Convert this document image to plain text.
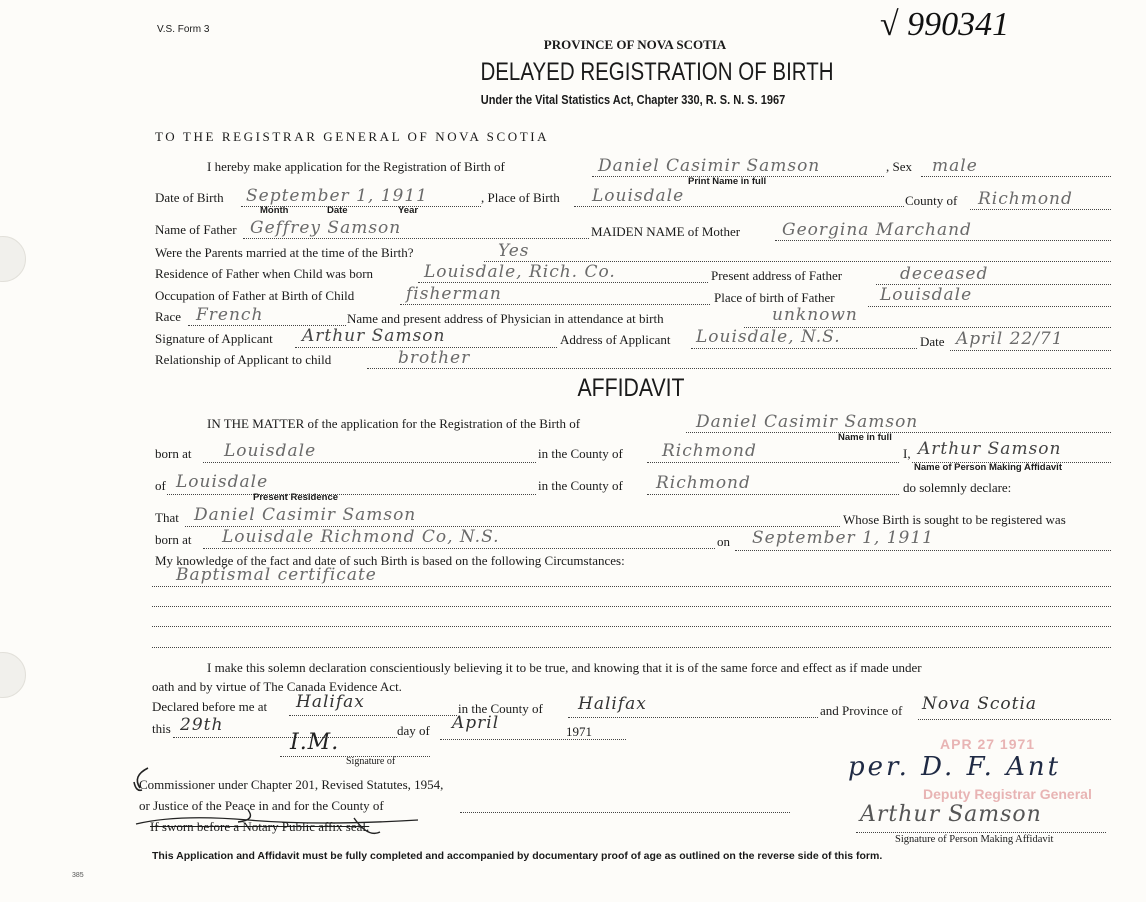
V.S. Form 3	√ 990341
PROVINCE OF NOVA SCOTIA
DELAYED REGISTRATION OF BIRTH
Under the Vital Statistics Act, Chapter 330, R. S. N. S. 1967
TO THE REGISTRAR GENERAL OF NOVA SCOTIA
I hereby make application for the Registration of Birth of	Daniel Casimir Samson	, Sex male
Print Name in full
Date of Birth September 1, 1911
Month	Date	Year
, Place of Birth Louisdale	County of Richmond
Name of Father Geffrey Samson	MAIDEN NAME of Mother Georgina Marchand
Were the Parents married at the time of the Birth?	Yes
Residence of Father when Child was born	Louisdale, Rich. Co.	Present address of Father	deceased
Occupation of Father at Birth of Child	fisherman	Place of birth of Father	Louisdale
Race French	Name and present address of Physician in attendance at birth	unknown
Signature of Applicant Arthur Samson	Address of Applicant Louisdale, N.S.	Date April 22/71
Relationship of Applicant to child	brother
AFFIDAVIT
IN THE MATTER of the application for the Registration of the Birth of	Daniel Casimir Samson
Name in full
born at Louisdale	in the County of Richmond	I, Arthur Samson
Name of Person Making Affidavit
of Louisdale
Present Residence
in the County of Richmond	do solemnly declare:
That Daniel Casimir Samson	Whose Birth is sought to be registered was
born at Louisdale Richmond Co, N.S.	on September 1, 1911
My knowledge of the fact and date of such Birth is based on the following Circumstances:
Baptismal certificate
I make this solemn declaration conscientiously believing it to be true, and knowing that it is of the same force and effect as if made under
oath and by virtue of The Canada Evidence Act.
Declared before me at Halifax	in the County of Halifax	and Province of Nova Scotia
this 29th	day of April	1971
I.M.
Signature of
Commissioner under Chapter 201, Revised Statutes, 1954,
or Justice of the Peace in and for the County of
If sworn before a Notary Public affix seal.
APR 27 1971
Deputy Registrar General
per. D. F. Ant
Arthur Samson
Signature of Person Making Affidavit
This Application and Affidavit must be fully completed and accompanied by documentary proof of age as outlined on the reverse side of this form.
385
